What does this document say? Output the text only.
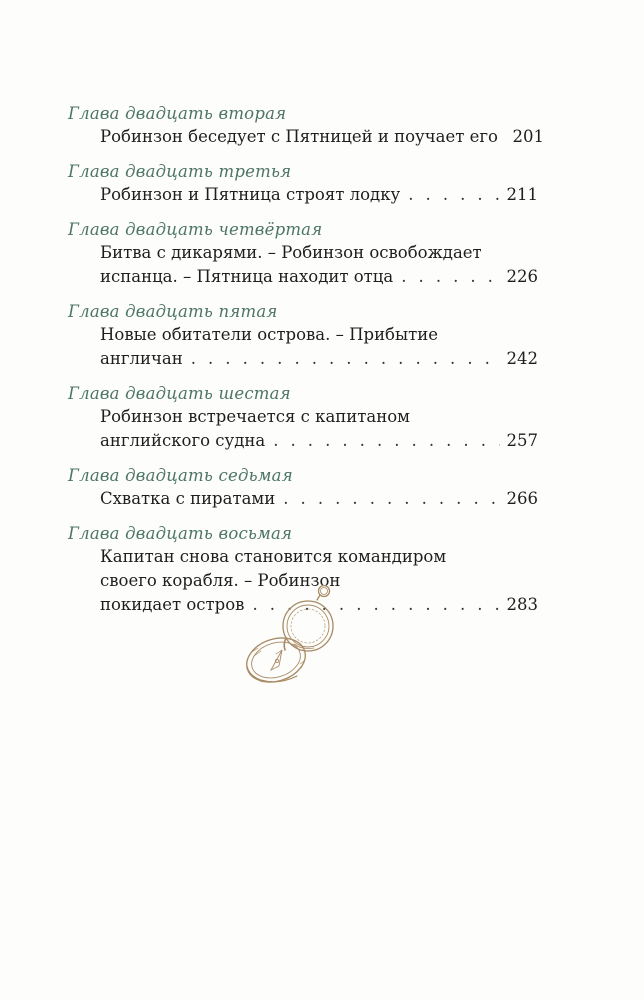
Глава двадцать вторая
Робинзон беседует с Пятницей и поучает его 201
Глава двадцать третья
Робинзон и Пятница строят лодку . . .	211
Глава двадцать четвёртая
Битва с дикарями. – Робинзон освобождает
испанца. – Пятница находит отца . . .	226
Глава двадцать пятая
Новые обитатели острова. – Прибытие
англичан . . .	242
Глава двадцать шестая
Робинзон встречается с капитаном
английского судна . . .	257
Глава двадцать седьмая
Схватка с пиратами . . .	266
Глава двадцать восьмая
Капитан снова становится командиром
своего корабля. – Робинзон
покидает остров . . .	283
